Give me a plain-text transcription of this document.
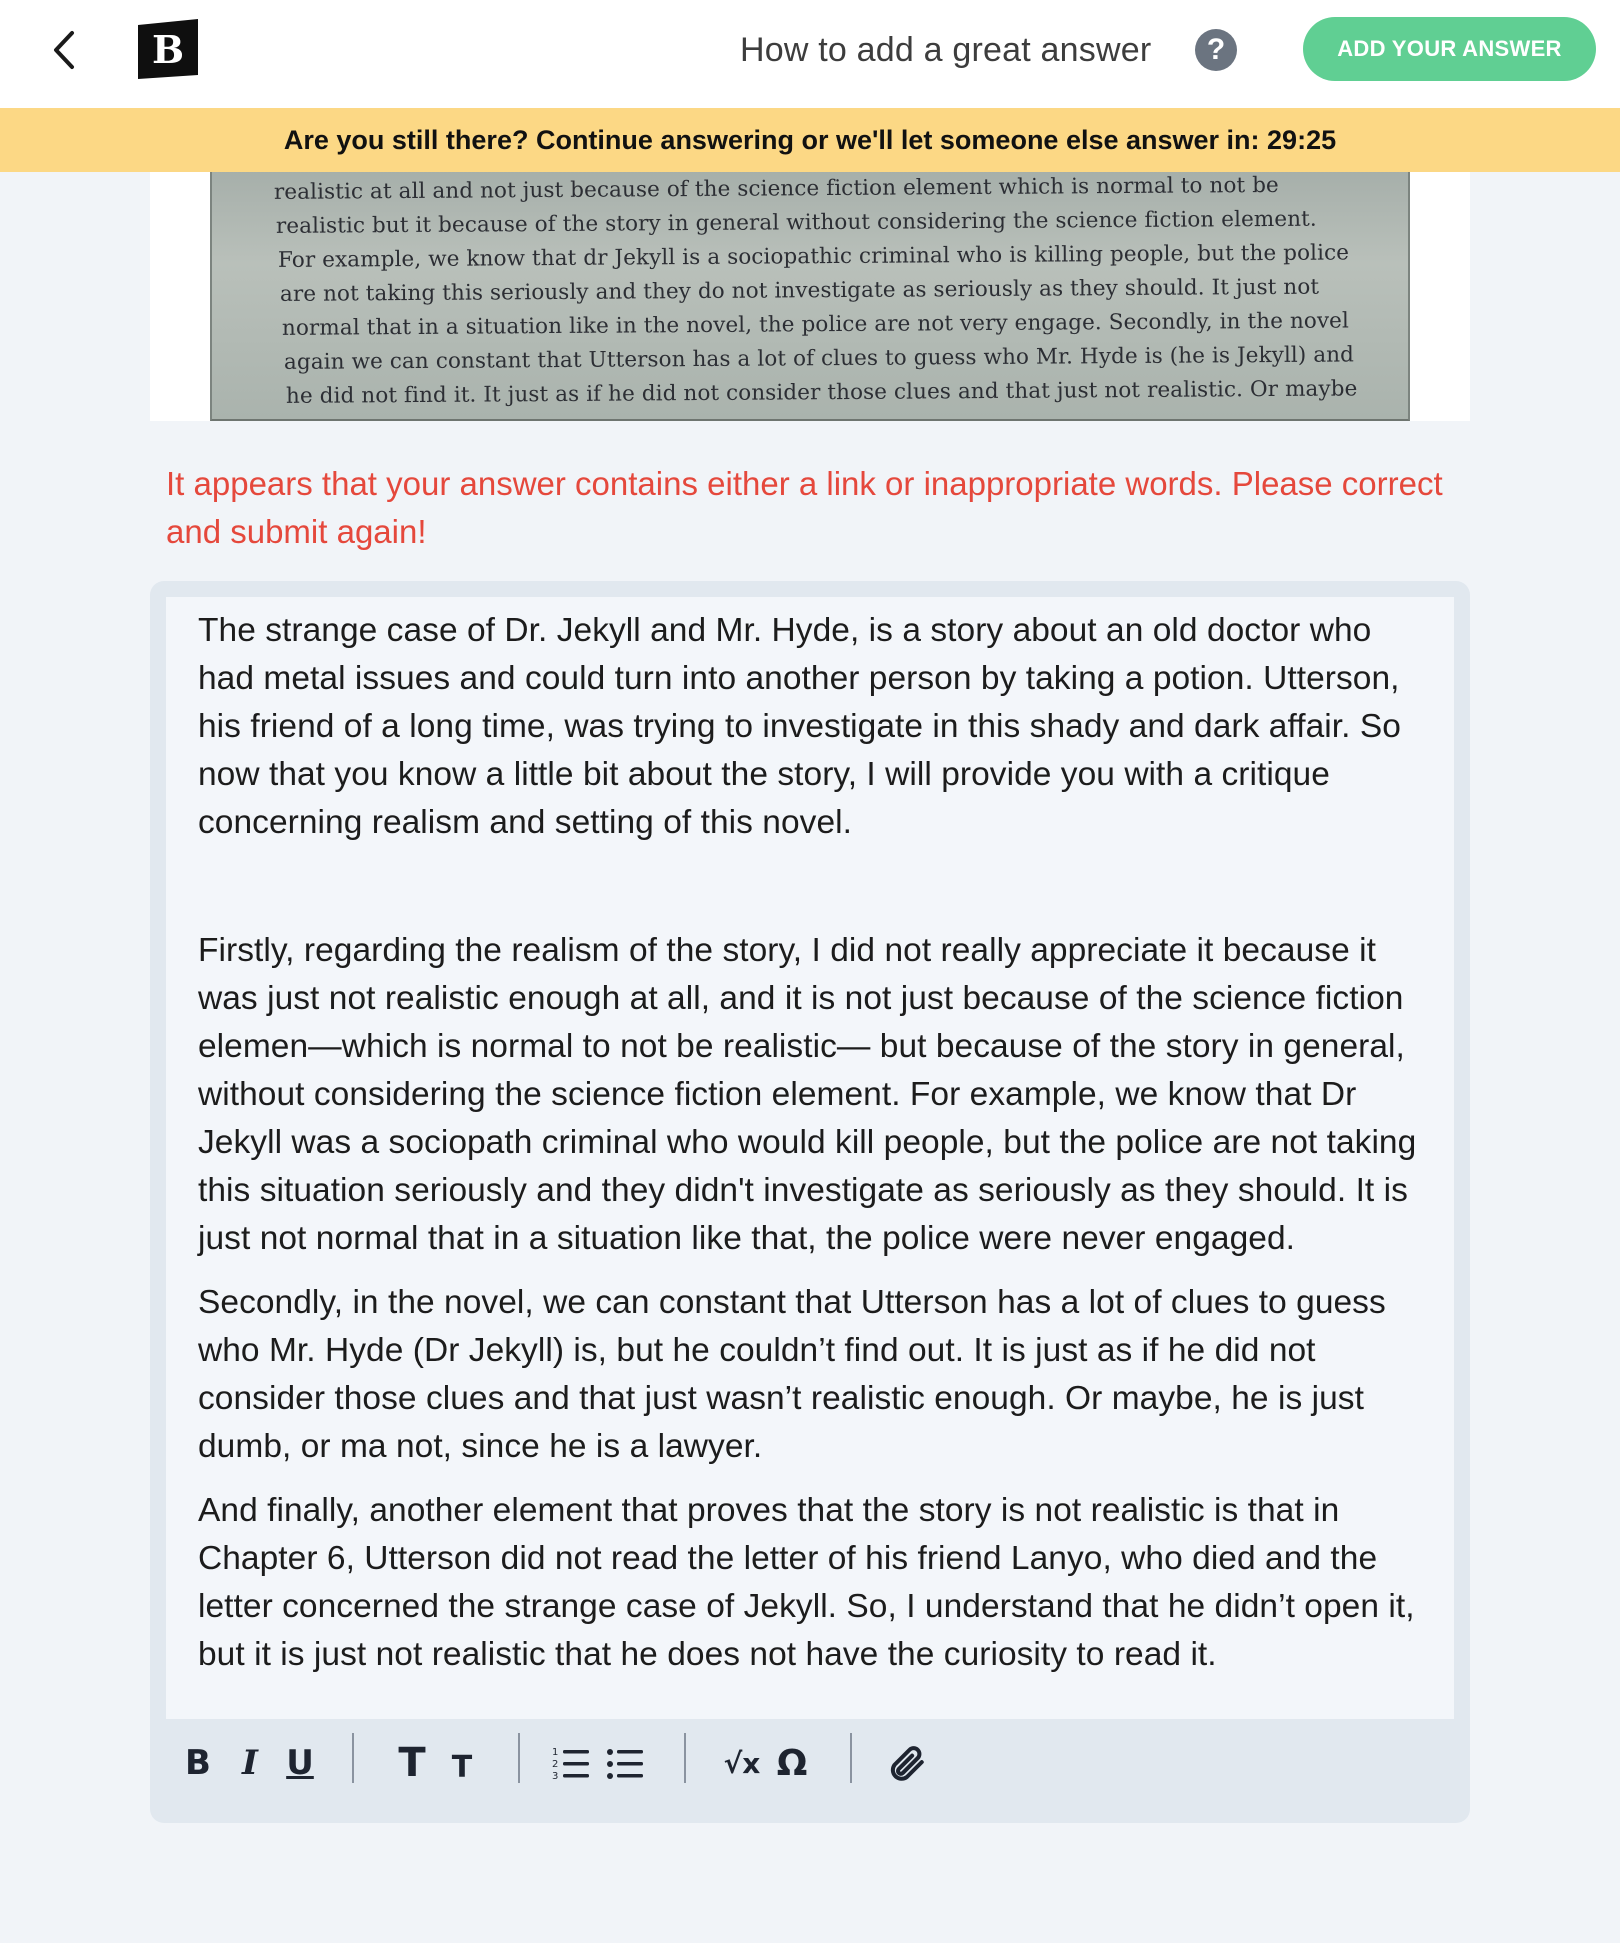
B	How to add a great answer	?	ADD YOUR ANSWER
Are you still there? Continue answering or we'll let someone else answer in: 29:25
realistic at all and not just because of the science fiction element which is normal to not be
realistic but it because of the story in general without considering the science fiction element.
For example, we know that dr Jekyll is a sociopathic criminal who is killing people, but the police
are not taking this seriously and they do not investigate as seriously as they should. It just not
normal that in a situation like in the novel, the police are not very engage. Secondly, in the novel
again we can constant that Utterson has a lot of clues to guess who Mr. Hyde is (he is Jekyll) and
he did not find it. It just as if he did not consider those clues and that just not realistic. Or maybe
It appears that your answer contains either a link or inappropriate words. Please correct and submit again!

The strange case of Dr. Jekyll and Mr. Hyde, is a story about an old doctor who had metal issues and could turn into another person by taking a potion. Utterson, his friend of a long time, was trying to investigate in this shady and dark affair. So now that you know a little bit about the story, I will provide you with a critique concerning realism and setting of this novel.

Firstly, regarding the realism of the story, I did not really appreciate it because it was just not realistic enough at all, and it is not just because of the science fiction elemen—which is normal to not be realistic— but because of the story in general, without considering the science fiction element. For example, we know that Dr Jekyll was a sociopath criminal who would kill people, but the police are not taking this situation seriously and they didn't investigate as seriously as they should. It is just not normal that in a situation like that, the police were never engaged.

Secondly, in the novel, we can constant that Utterson has a lot of clues to guess who Mr. Hyde (Dr Jekyll) is, but he couldn’t find out. It is just as if he did not consider those clues and that just wasn’t realistic enough. Or maybe, he is just dumb, or ma not, since he is a lawyer.

And finally, another element that proves that the story is not realistic is that in Chapter 6, Utterson did not read the letter of his friend Lanyo, who died and the letter concerned the strange case of Jekyll. So, I understand that he didn’t open it, but it is just not realistic that he does not have the curiosity to read it.

B I U T T	1
2
3	√x Ω
